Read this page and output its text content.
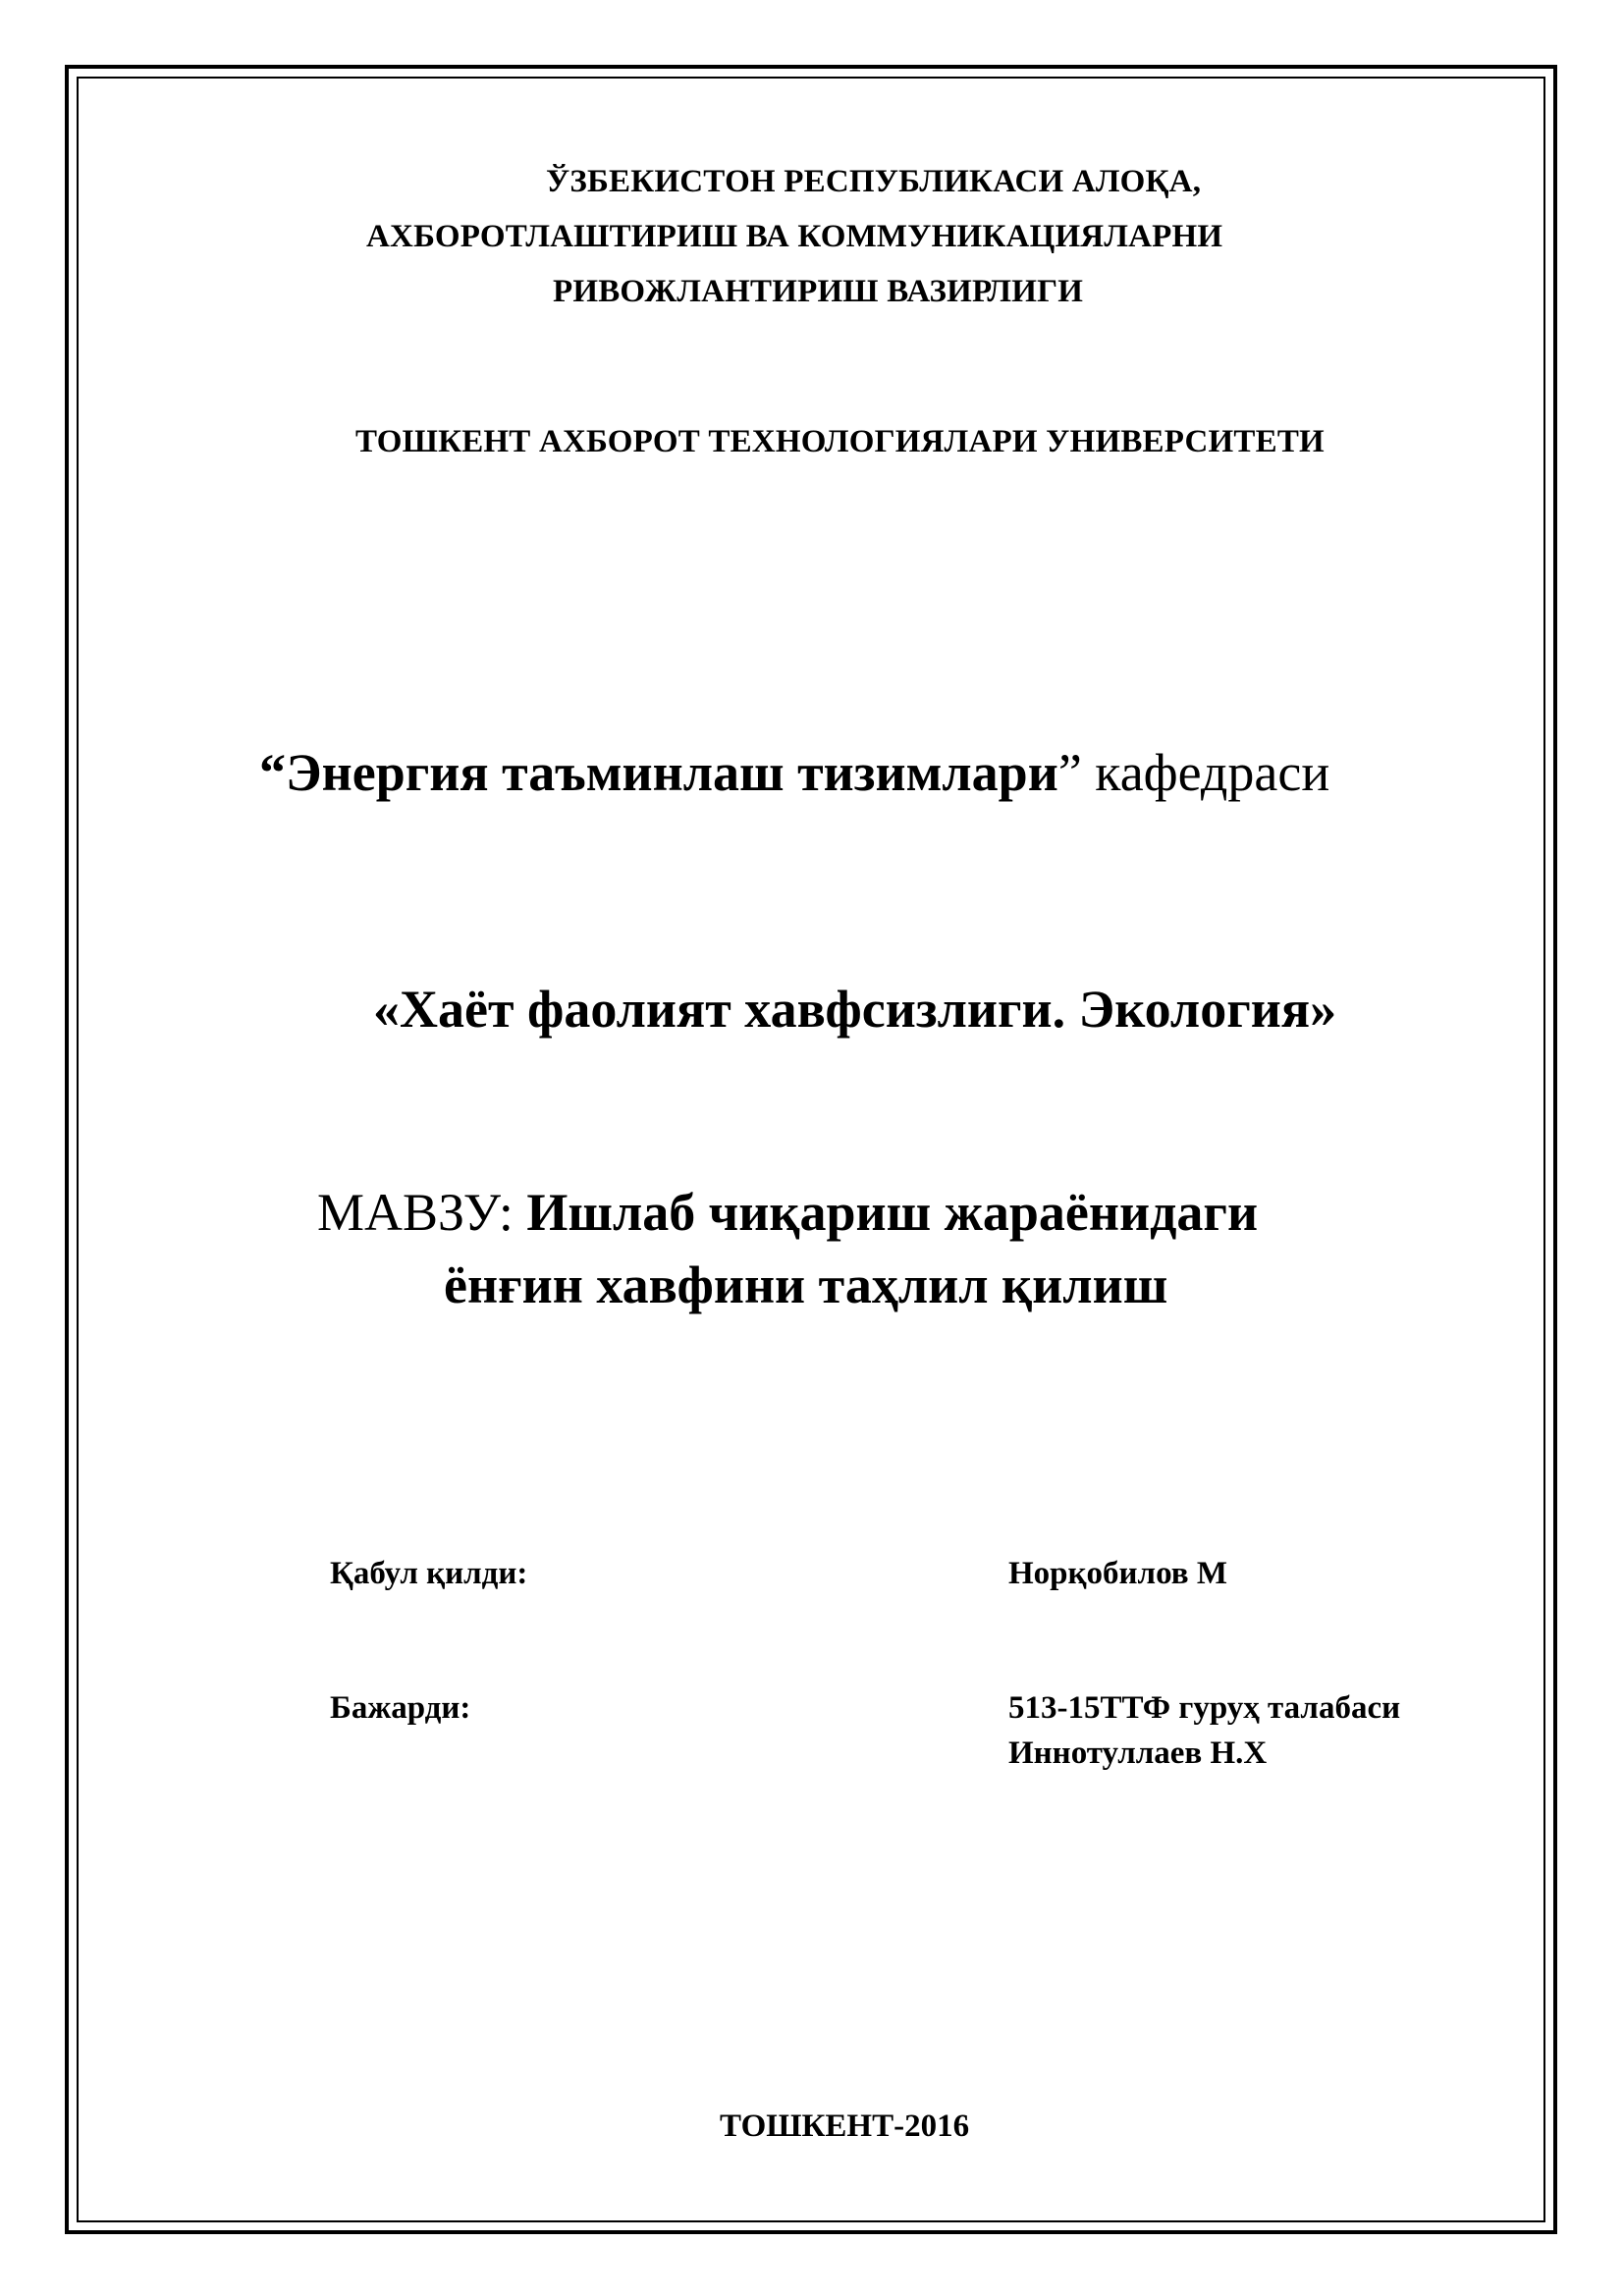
ЎЗБЕКИСТОН РЕСПУБЛИКАСИ АЛОҚА,
АХБОРОТЛАШТИРИШ ВА КОММУНИКАЦИЯЛАРНИ
РИВОЖЛАНТИРИШ ВАЗИРЛИГИ
ТОШКЕНТ АХБОРОТ ТЕХНОЛОГИЯЛАРИ УНИВЕРСИТЕТИ
“Энергия таъминлаш тизимлари” кафедраси
«Хаёт фаолият хавфсизлиги. Экология»
МАВЗУ: Ишлаб чиқариш жараёнидаги
ёнғин хавфини таҳлил қилиш
Қабул қилди:	Норқобилов М
Бажарди:	513-15ТТФ гуруҳ талабаси
Иннотуллаев Н.Х
ТОШКЕНТ-2016
